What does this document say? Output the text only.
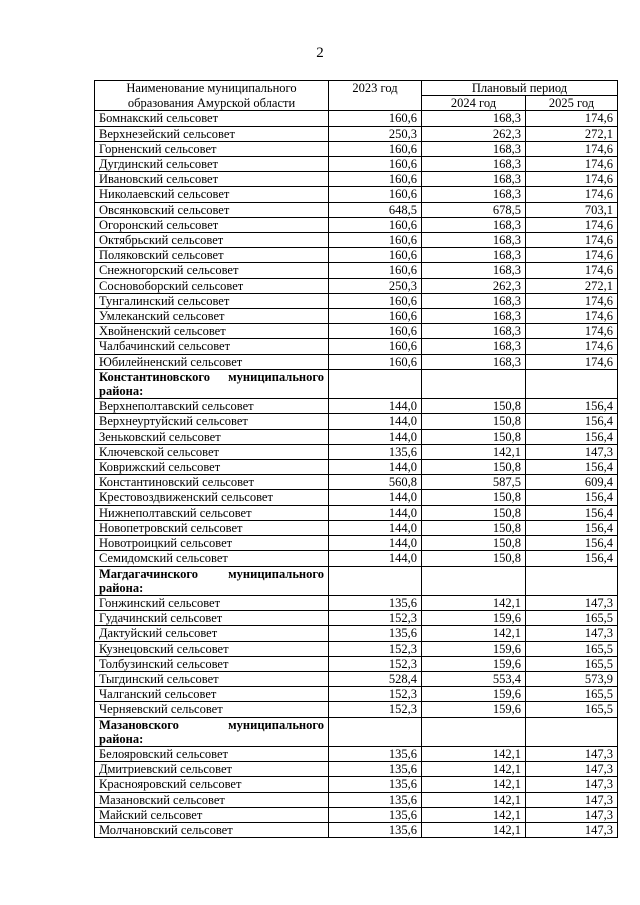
2
Наименование муниципального образования Амурской области	2023 год	Плановый период	
		2024 год	2025 год
Бомнакский сельсовет	160,6	168,3	174,6
Верхнезейский сельсовет	250,3	262,3	272,1
Горненский сельсовет	160,6	168,3	174,6
Дугдинский сельсовет	160,6	168,3	174,6
Ивановский сельсовет	160,6	168,3	174,6
Николаевский сельсовет	160,6	168,3	174,6
Овсянковский сельсовет	648,5	678,5	703,1
Огоронский сельсовет	160,6	168,3	174,6
Октябрьский сельсовет	160,6	168,3	174,6
Поляковский сельсовет	160,6	168,3	174,6
Снежногорский сельсовет	160,6	168,3	174,6
Сосновоборский сельсовет	250,3	262,3	272,1
Тунгалинский сельсовет	160,6	168,3	174,6
Умлеканский сельсовет	160,6	168,3	174,6
Хвойненский сельсовет	160,6	168,3	174,6
Чалбачинский сельсовет	160,6	168,3	174,6
Юбилейненский сельсовет	160,6	168,3	174,6

Константиновского муниципального
района:			

Верхнеполтавский сельсовет	144,0	150,8	156,4
Верхнеуртуйский сельсовет	144,0	150,8	156,4
Зеньковский сельсовет	144,0	150,8	156,4
Ключевской сельсовет	135,6	142,1	147,3
Коврижский сельсовет	144,0	150,8	156,4
Константиновский сельсовет	560,8	587,5	609,4
Крестовоздвиженский сельсовет	144,0	150,8	156,4
Нижнеполтавский сельсовет	144,0	150,8	156,4
Новопетровский сельсовет	144,0	150,8	156,4
Новотроицкий сельсовет	144,0	150,8	156,4
Семидомский сельсовет	144,0	150,8	156,4

Магдагачинского муниципального
района:			

Гонжинский сельсовет	135,6	142,1	147,3
Гудачинский сельсовет	152,3	159,6	165,5
Дактуйский сельсовет	135,6	142,1	147,3
Кузнецовский сельсовет	152,3	159,6	165,5
Толбузинский сельсовет	152,3	159,6	165,5
Тыгдинский сельсовет	528,4	553,4	573,9
Чалганский сельсовет	152,3	159,6	165,5
Черняевский сельсовет	152,3	159,6	165,5

Мазановского муниципального
района:			

Белояровский сельсовет	135,6	142,1	147,3
Дмитриевский сельсовет	135,6	142,1	147,3
Краснояровский сельсовет	135,6	142,1	147,3
Мазановский сельсовет	135,6	142,1	147,3
Майский сельсовет	135,6	142,1	147,3
Молчановский сельсовет	135,6	142,1	147,3
